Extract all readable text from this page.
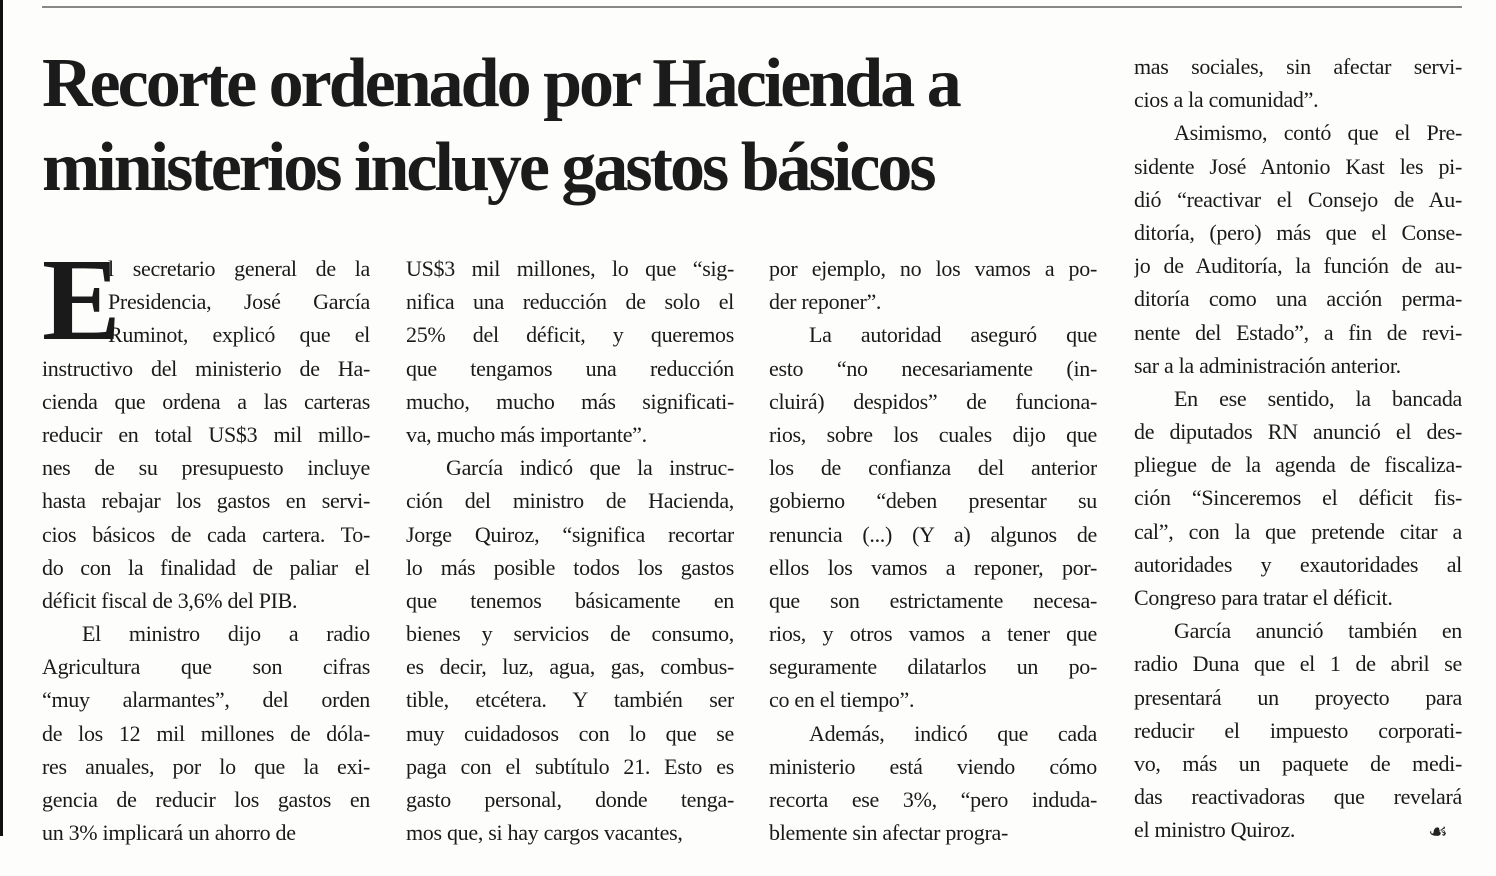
Recorte ordenado por Hacienda a
ministerios incluye gastos básicos
E
l secretario general de la
Presidencia, José García
Ruminot, explicó que el
instructivo del ministerio de Ha-
cienda que ordena a las carteras
reducir en total US$3 mil millo-
nes de su presupuesto incluye
hasta rebajar los gastos en servi-
cios básicos de cada cartera. To-
do con la finalidad de paliar el
déficit fiscal de 3,6% del PIB.
El ministro dijo a radio
Agricultura que son cifras
“muy alarmantes”, del orden
de los 12 mil millones de dóla-
res anuales, por lo que la exi-
gencia de reducir los gastos en
un 3% implicará un ahorro de
US$3 mil millones, lo que “sig-
nifica una reducción de solo el
25% del déficit, y queremos
que tengamos una reducción
mucho, mucho más significati-
va, mucho más importante”.
García indicó que la instruc-
ción del ministro de Hacienda,
Jorge Quiroz, “significa recortar
lo más posible todos los gastos
que tenemos básicamente en
bienes y servicios de consumo,
es decir, luz, agua, gas, combus-
tible, etcétera. Y también ser
muy cuidadosos con lo que se
paga con el subtítulo 21. Esto es
gasto personal, donde tenga-
mos que, si hay cargos vacantes,
por ejemplo, no los vamos a po-
der reponer”.
La autoridad aseguró que
esto “no necesariamente (in-
cluirá) despidos” de funciona-
rios, sobre los cuales dijo que
los de confianza del anterior
gobierno “deben presentar su
renuncia (...) (Y a) algunos de
ellos los vamos a reponer, por-
que son estrictamente necesa-
rios, y otros vamos a tener que
seguramente dilatarlos un po-
co en el tiempo”.
Además, indicó que cada
ministerio está viendo cómo
recorta ese 3%, “pero induda-
blemente sin afectar progra-
mas sociales, sin afectar servi-
cios a la comunidad”.
Asimismo, contó que el Pre-
sidente José Antonio Kast les pi-
dió “reactivar el Consejo de Au-
ditoría, (pero) más que el Conse-
jo de Auditoría, la función de au-
ditoría como una acción perma-
nente del Estado”, a fin de revi-
sar a la administración anterior.
En ese sentido, la bancada
de diputados RN anunció el des-
pliegue de la agenda de fiscaliza-
ción “Sinceremos el déficit fis-
cal”, con la que pretende citar a
autoridades y exautoridades al
Congreso para tratar el déficit.
García anunció también en
radio Duna que el 1 de abril se
presentará un proyecto para
reducir el impuesto corporati-
vo, más un paquete de medi-
das reactivadoras que revelará
el ministro Quiroz.	☙
